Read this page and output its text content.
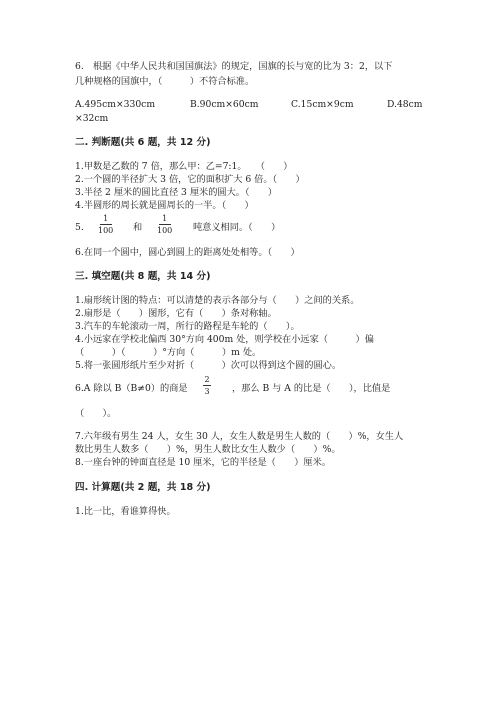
6.　根据《中华人民共和国国旗法》的规定，国旗的长与宽的比为 3：2，以下
几种规格的国旗中，（　　　）不符合标准。
A.495cm×330cm	B.90cm×60cm	C.15cm×9cm	D.48cm
×32cm
二. 判断题(共 6 题，共 12 分)
1.甲数是乙数的 7 倍，那么甲：乙=7:1。　　（　　）
2.一个圆的半径扩大 3 倍，它的面积扩大 6 倍。（　　）
3.半径 2 厘米的圆比直径 3 厘米的圆大。（　　）
4.半圆形的周长就是圆周长的一半。（　　）
5.
1
100 和
1
100 吨意义相同。（　　）
6.在同一个圆中，圆心到圆上的距离处处相等。（　　）
三. 填空题(共 8 题，共 14 分)
1.扇形统计图的特点：可以清楚的表示各部分与（　　）之间的关系。
2.扇形是（　　）图形，它有（　　）条对称轴。
3.汽车的车轮滚动一周，所行的路程是车轮的（　　）。
4.小远家在学校北偏西 30°方向 400m 处，则学校在小远家（　　　）偏
（　　　）（　　　）°方向（　　　）m 处。
5.将一张圆形纸片至少对折（　　　）次可以得到这个圆的圆心。
6.A 除以 B（B≠0）的商是
2
3 ，那么 B 与 A 的比是（　　），比值是
（　　）。
7.六年级有男生 24 人，女生 30 人，女生人数是男生人数的（　　）%，女生人
数比男生人数多（　　）%，男生人数比女生人数少（　　）%。
8.一座台钟的钟面直径是 10 厘米，它的半径是（　　）厘米。
四. 计算题(共 2 题，共 18 分)
1.比一比，看谁算得快。
